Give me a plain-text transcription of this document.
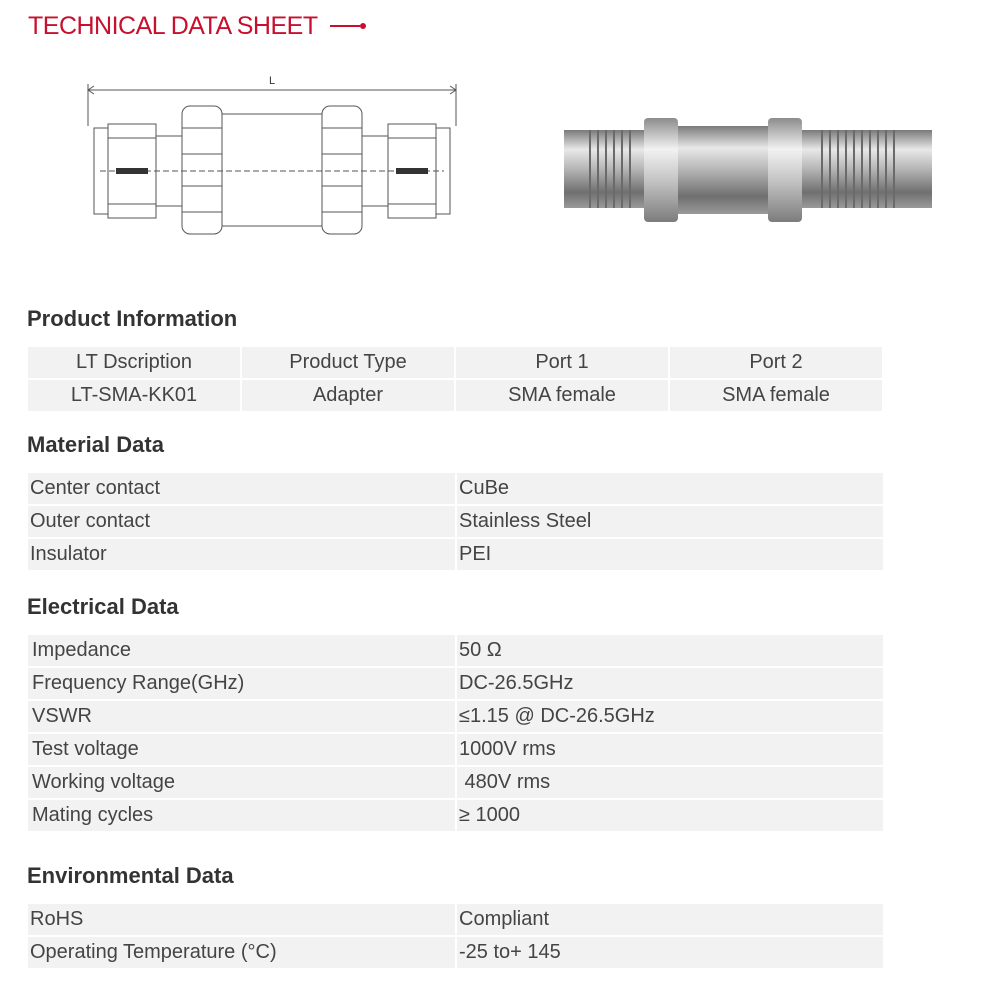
TECHNICAL DATA SHEET
L
Product Information
LT Dscription	Product Type	Port 1	Port 2
LT-SMA-KK01	Adapter	SMA female	SMA female
Material Data
Center contact	CuBe
Outer contact	Stainless Steel
Insulator	PEI
Electrical Data
Impedance	50 Ω
Frequency Range(GHz)	DC-26.5GHz
VSWR	≤1.15 @ DC-26.5GHz
Test voltage	1000V rms
Working voltage	480V rms
Mating cycles	≥ 1000
Environmental Data
RoHS	Compliant
Operating Temperature (°C)	-25 to+ 145
